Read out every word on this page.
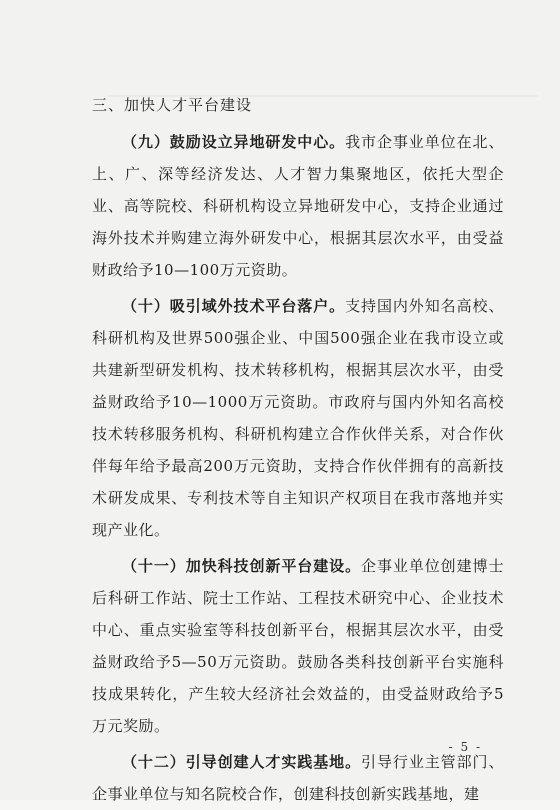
三、加快人才平台建设

（九）鼓励设立异地研发中心。我市企事业单位在北、上、广、深等经济发达、人才智力集聚地区，依托大型企业、高等院校、科研机构设立异地研发中心，支持企业通过海外技术并购建立海外研发中心，根据其层次水平，由受益财政给予10—100万元资助。

（十）吸引域外技术平台落户。支持国内外知名高校、科研机构及世界500强企业、中国500强企业在我市设立或共建新型研发机构、技术转移机构，根据其层次水平，由受益财政给予10—1000万元资助。市政府与国内外知名高校技术转移服务机构、科研机构建立合作伙伴关系，对合作伙伴每年给予最高200万元资助，支持合作伙伴拥有的高新技术研发成果、专利技术等自主知识产权项目在我市落地并实现产业化。

（十一）加快科技创新平台建设。企事业单位创建博士后科研工作站、院士工作站、工程技术研究中心、企业技术中心、重点实验室等科技创新平台，根据其层次水平，由受益财政给予5—50万元资助。鼓励各类科技创新平台实施科技成果转化，产生较大经济社会效益的，由受益财政给予5万元奖励。

（十二）引导创建人才实践基地。引导行业主管部门、企事业单位与知名院校合作，创建科技创新实践基地，建

- 5 -
